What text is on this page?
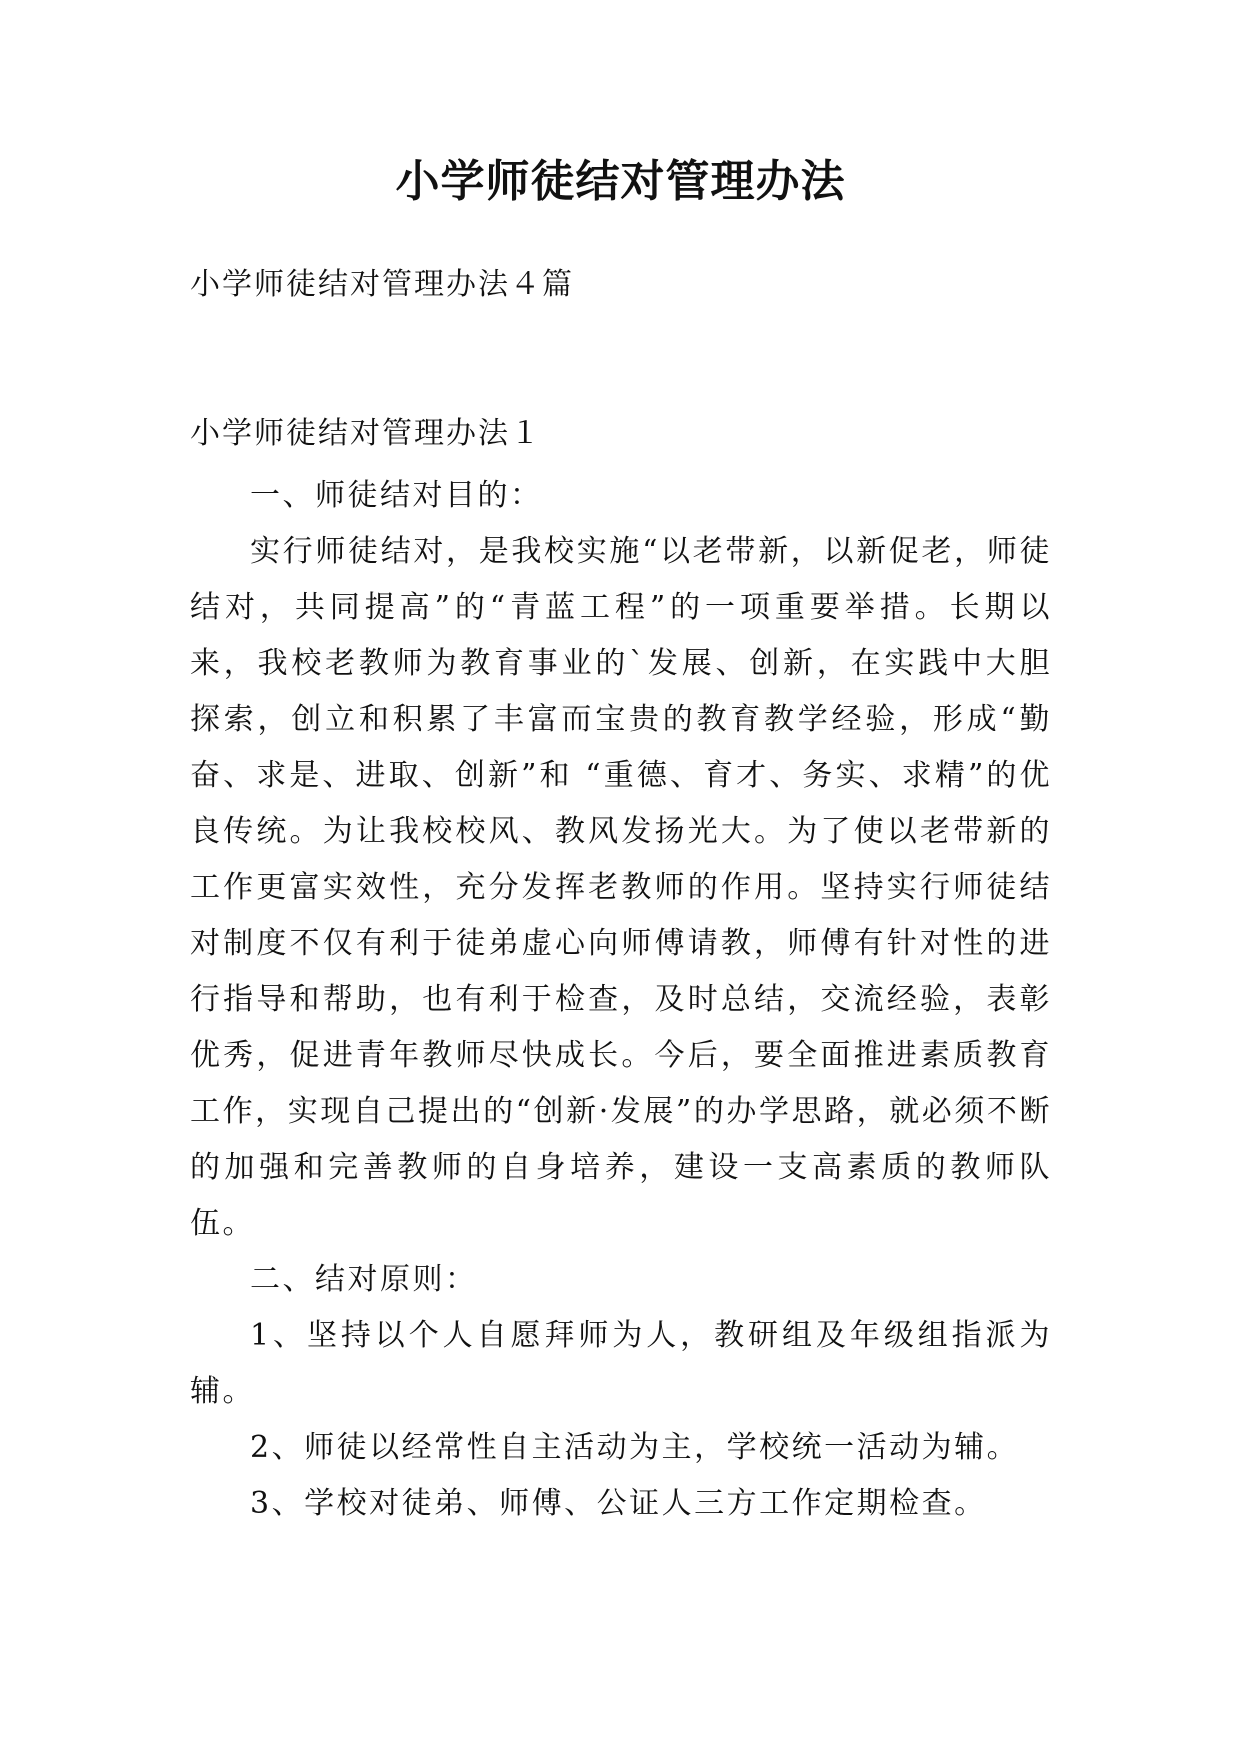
小学师徒结对管理办法

小学师徒结对管理办法４篇

小学师徒结对管理办法１

一、师徒结对目的：

实行师徒结对，是我校实施“以老带新，以新促老，师徒结对，共同提高”的“青蓝工程”的一项重要举措。长期以来，我校老教师为教育事业的`发展、创新，在实践中大胆探索，创立和积累了丰富而宝贵的教育教学经验，形成“勤奋、求是、进取、创新”和 “重德、育才、务实、求精”的优良传统。为让我校校风、教风发扬光大。为了使以老带新的工作更富实效性，充分发挥老教师的作用。坚持实行师徒结对制度不仅有利于徒弟虚心向师傅请教，师傅有针对性的进行指导和帮助，也有利于检查，及时总结，交流经验，表彰优秀，促进青年教师尽快成长。今后，要全面推进素质教育工作，实现自己提出的“创新·发展”的办学思路，就必须不断的加强和完善教师的自身培养，建设一支高素质的教师队伍。

二、结对原则：

1、坚持以个人自愿拜师为人，教研组及年级组指派为辅。

2、师徒以经常性自主活动为主，学校统一活动为辅。

3、学校对徒弟、师傅、公证人三方工作定期检查。
